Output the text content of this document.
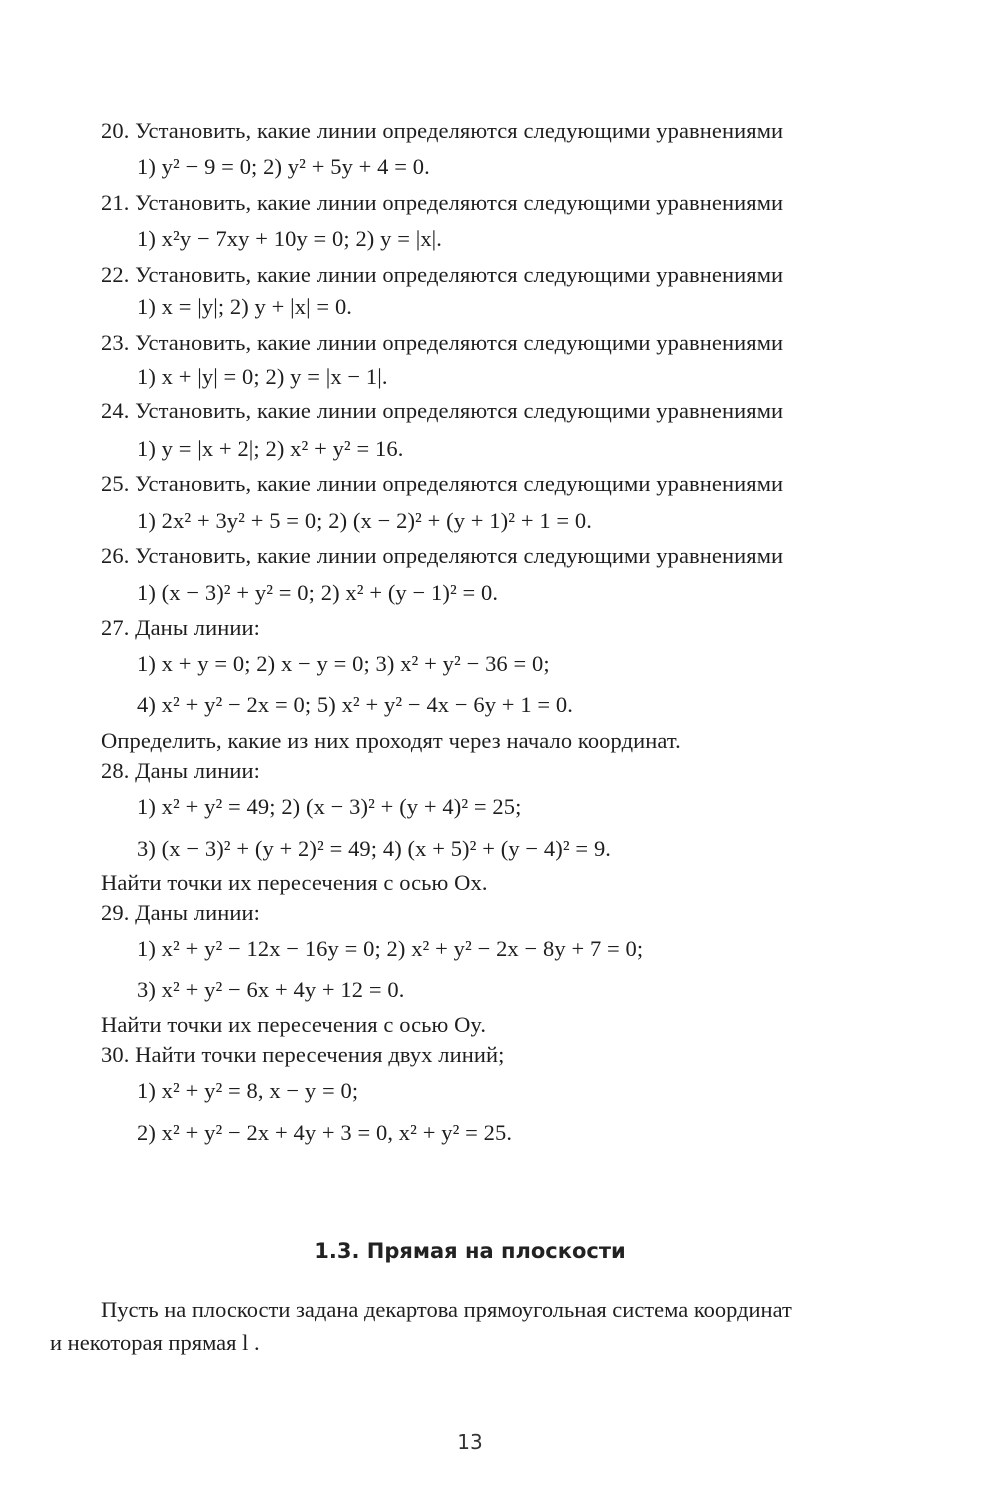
20. Установить, какие линии определяются следующими уравнениями
1) y² − 9 = 0; 2) y² + 5y + 4 = 0.
21. Установить, какие линии определяются следующими уравнениями
1) x²y − 7xy + 10y = 0; 2) y = |x|.
22. Установить, какие линии определяются следующими уравнениями
1) x = |y|; 2) y + |x| = 0.
23. Установить, какие линии определяются следующими уравнениями
1) x + |y| = 0; 2) y = |x − 1|.
24. Установить, какие линии определяются следующими уравнениями
1) y = |x + 2|; 2) x² + y² = 16.
25. Установить, какие линии определяются следующими уравнениями
1) 2x² + 3y² + 5 = 0; 2) (x − 2)² + (y + 1)² + 1 = 0.
26. Установить, какие линии определяются следующими уравнениями
1) (x − 3)² + y² = 0; 2) x² + (y − 1)² = 0.
27. Даны линии:
1) x + y = 0; 2) x − y = 0; 3) x² + y² − 36 = 0;
4) x² + y² − 2x = 0; 5) x² + y² − 4x − 6y + 1 = 0.
Определить, какие из них проходят через начало координат.
28. Даны линии:
1) x² + y² = 49; 2) (x − 3)² + (y + 4)² = 25;
3) (x − 3)² + (y + 2)² = 49; 4) (x + 5)² + (y − 4)² = 9.
Найти точки их пересечения с осью Ox.
29. Даны линии:
1) x² + y² − 12x − 16y = 0; 2) x² + y² − 2x − 8y + 7 = 0;
3) x² + y² − 6x + 4y + 12 = 0.
Найти точки их пересечения с осью Oy.
30. Найти точки пересечения двух линий;
1) x² + y² = 8, x − y = 0;
2) x² + y² − 2x + 4y + 3 = 0, x² + y² = 25.
1.3. Прямая на плоскости
Пусть на плоскости задана декартова прямоугольная система координат
и некоторая прямая l .
13
